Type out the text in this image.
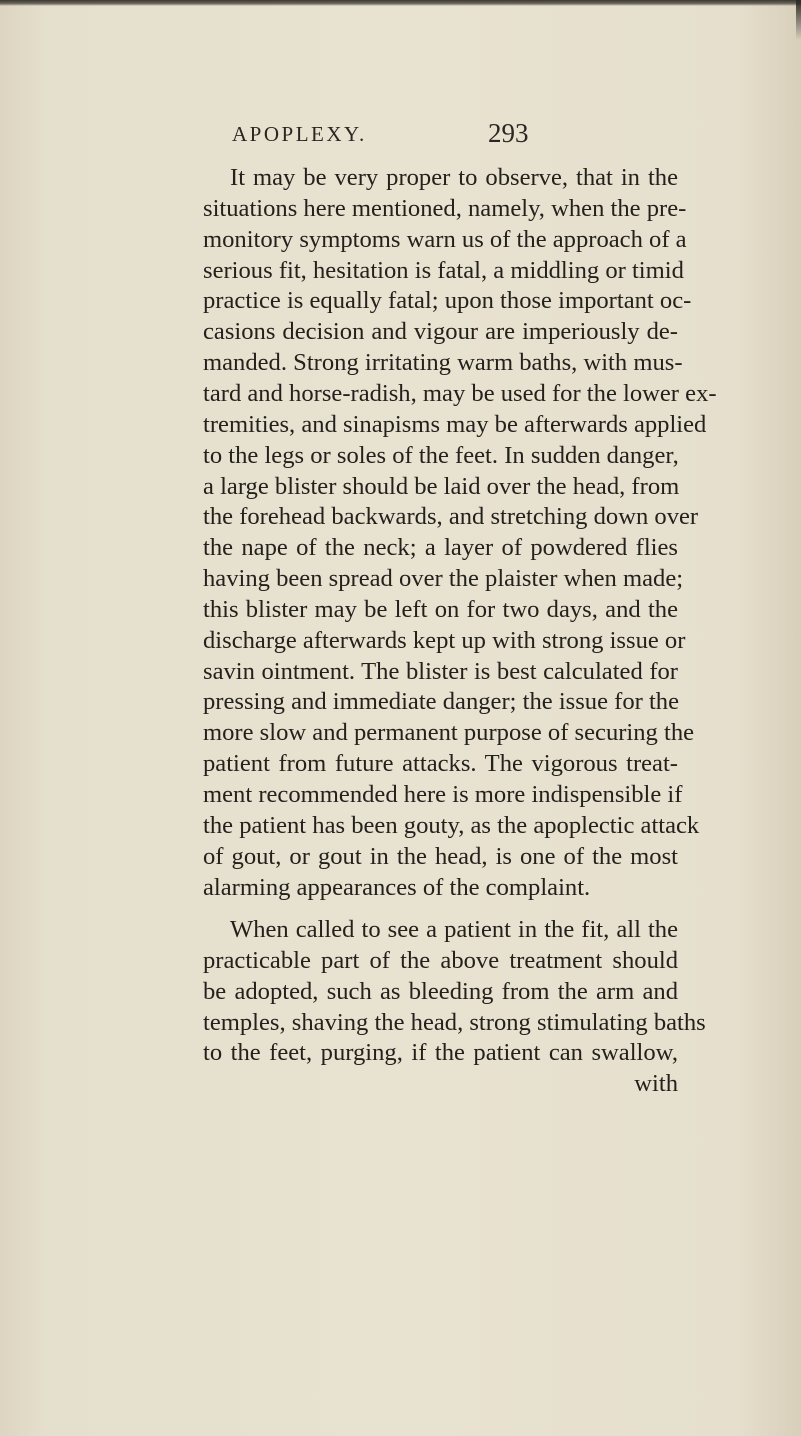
APOPLEXY.	293
It may be very proper to observe, that in the
situations here mentioned, namely, when the pre-
monitory symptoms warn us of the approach of a
serious fit, hesitation is fatal, a middling or timid
practice is equally fatal; upon those important oc-
casions decision and vigour are imperiously de-
manded. Strong irritating warm baths, with mus-
tard and horse-radish, may be used for the lower ex-
tremities, and sinapisms may be afterwards applied
to the legs or soles of the feet. In sudden danger,
a large blister should be laid over the head, from
the forehead backwards, and stretching down over
the nape of the neck; a layer of powdered flies
having been spread over the plaister when made;
this blister may be left on for two days, and the
discharge afterwards kept up with strong issue or
savin ointment. The blister is best calculated for
pressing and immediate danger; the issue for the
more slow and permanent purpose of securing the
patient from future attacks. The vigorous treat-
ment recommended here is more indispensible if
the patient has been gouty, as the apoplectic attack
of gout, or gout in the head, is one of the most
alarming appearances of the complaint.
When called to see a patient in the fit, all the
practicable part of the above treatment should
be adopted, such as bleeding from the arm and
temples, shaving the head, strong stimulating baths
to the feet, purging, if the patient can swallow,
with
